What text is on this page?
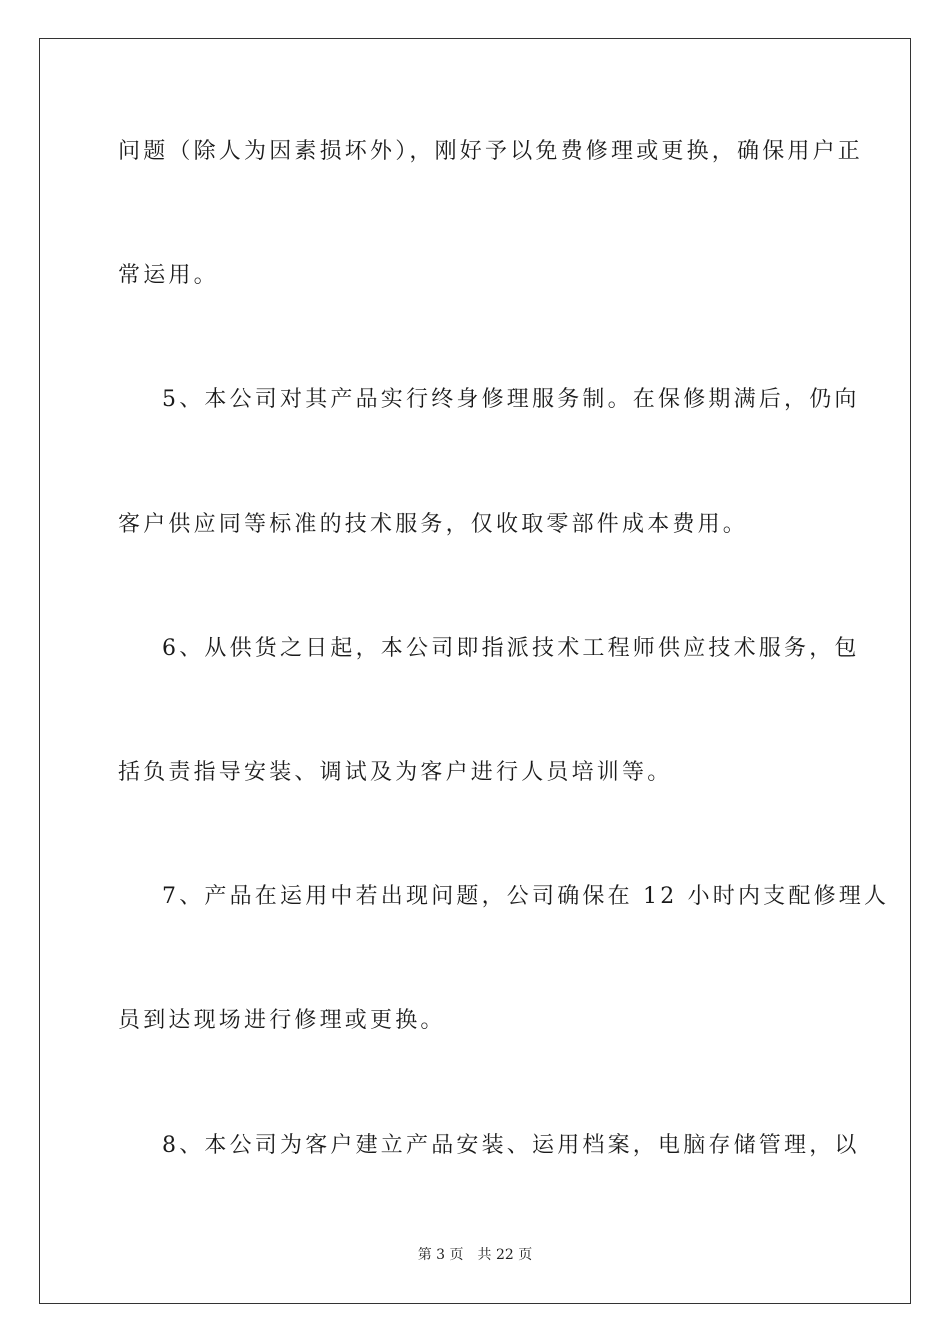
问题（除人为因素损坏外），刚好予以免费修理或更换，确保用户正
常运用。
5、本公司对其产品实行终身修理服务制。在保修期满后，仍向
客户供应同等标准的技术服务，仅收取零部件成本费用。
6、从供货之日起，本公司即指派技术工程师供应技术服务，包
括负责指导安装、调试及为客户进行人员培训等。
7、产品在运用中若出现问题，公司确保在 12 小时内支配修理人
员到达现场进行修理或更换。
8、本公司为客户建立产品安装、运用档案，电脑存储管理，以
第 3 页　共 22 页
